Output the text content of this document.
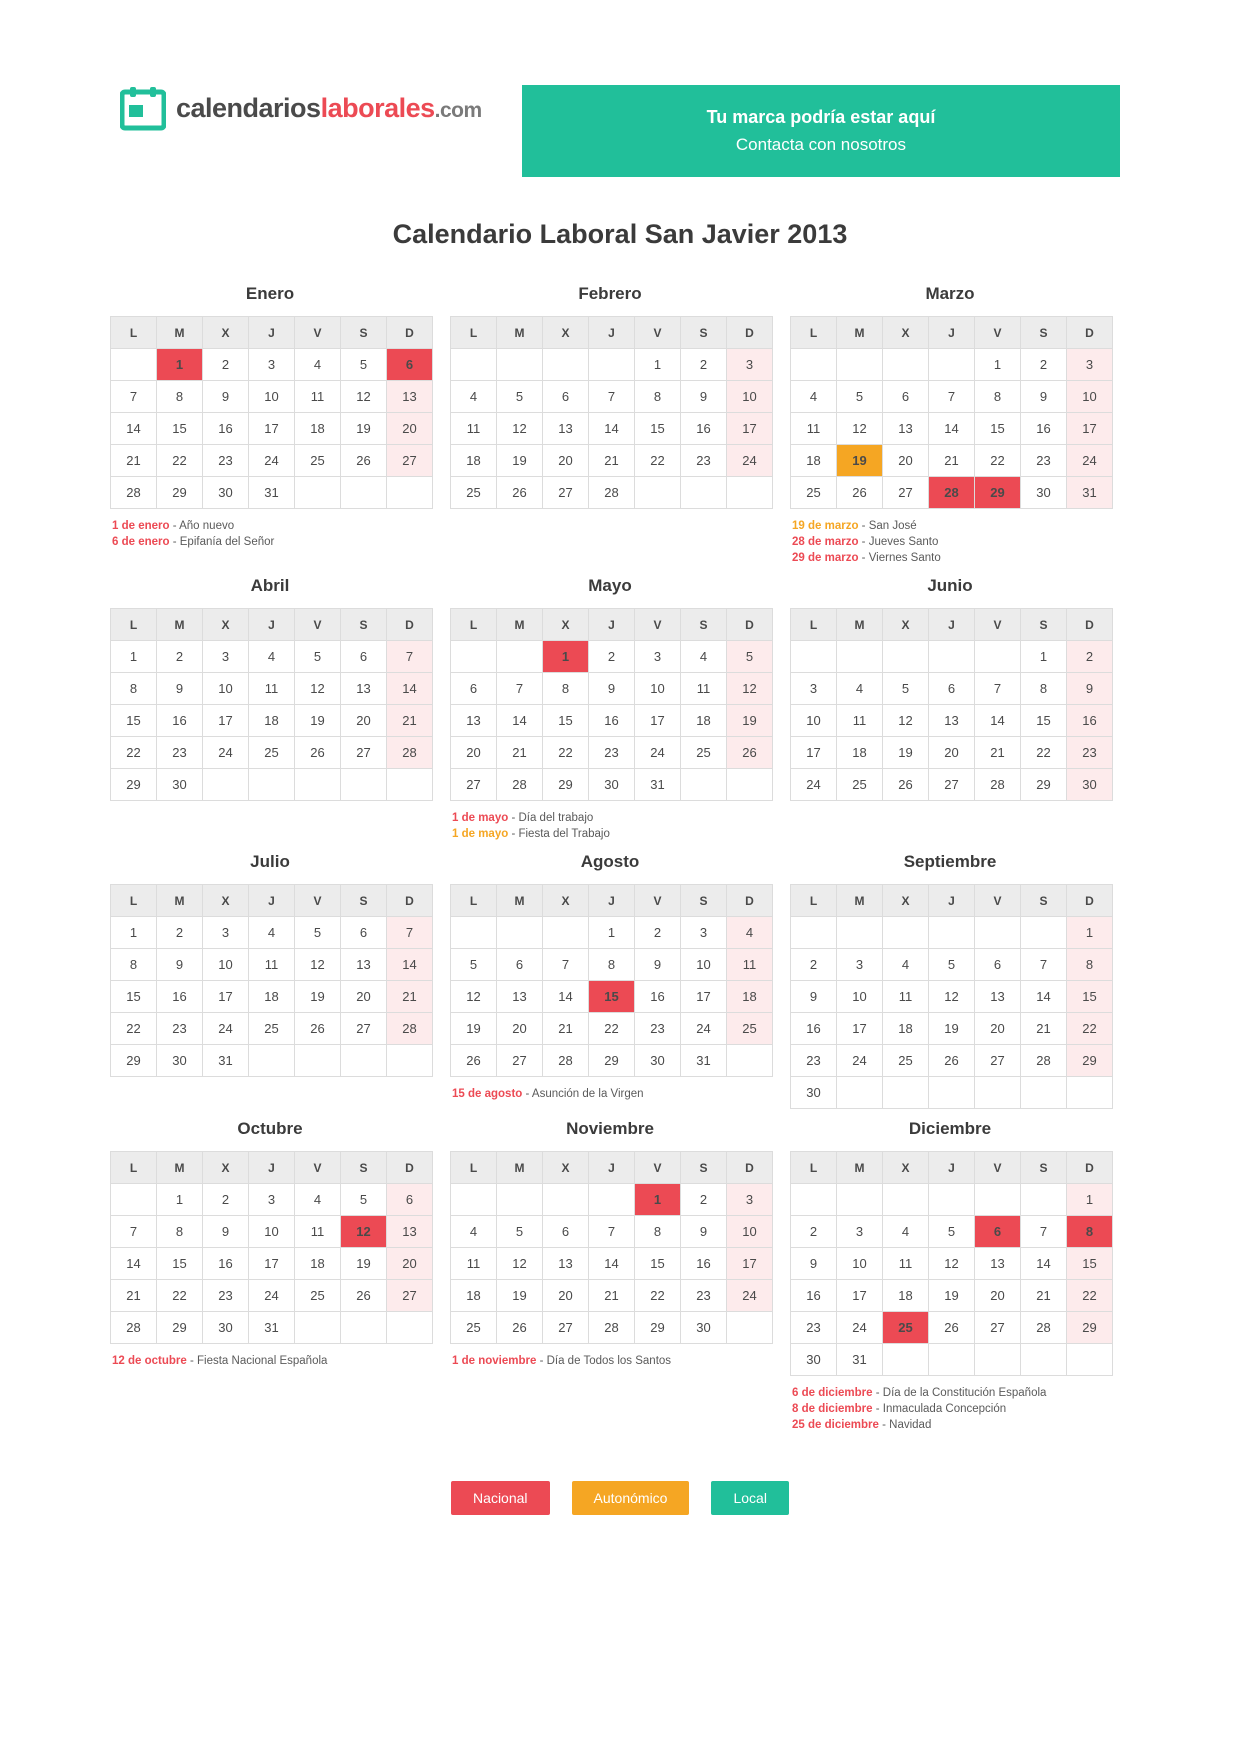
calendarioslaborales.com	Tu marca podría estar aquí
Contacta con nosotros
Calendario Laboral San Javier 2013
Enero
L	M	X	J	V	S	D
	1	2	3	4	5	6
7	8	9	10	11	12	13
14	15	16	17	18	19	20
21	22	23	24	25	26	27
28	29	30	31			
1 de enero - Año nuevo
6 de enero - Epifanía del Señor
Febrero
L	M	X	J	V	S	D
				1	2	3
4	5	6	7	8	9	10
11	12	13	14	15	16	17
18	19	20	21	22	23	24
25	26	27	28			
Marzo
L	M	X	J	V	S	D
				1	2	3
4	5	6	7	8	9	10
11	12	13	14	15	16	17
18	19	20	21	22	23	24
25	26	27	28	29	30	31
19 de marzo - San José
28 de marzo - Jueves Santo
29 de marzo - Viernes Santo
Abril
L	M	X	J	V	S	D
1	2	3	4	5	6	7
8	9	10	11	12	13	14
15	16	17	18	19	20	21
22	23	24	25	26	27	28
29	30					
Mayo
L	M	X	J	V	S	D
		1	2	3	4	5
6	7	8	9	10	11	12
13	14	15	16	17	18	19
20	21	22	23	24	25	26
27	28	29	30	31		
1 de mayo - Día del trabajo
1 de mayo - Fiesta del Trabajo
Junio
L	M	X	J	V	S	D
					1	2
3	4	5	6	7	8	9
10	11	12	13	14	15	16
17	18	19	20	21	22	23
24	25	26	27	28	29	30
Julio
L	M	X	J	V	S	D
1	2	3	4	5	6	7
8	9	10	11	12	13	14
15	16	17	18	19	20	21
22	23	24	25	26	27	28
29	30	31				
Agosto
L	M	X	J	V	S	D
			1	2	3	4
5	6	7	8	9	10	11
12	13	14	15	16	17	18
19	20	21	22	23	24	25
26	27	28	29	30	31	
15 de agosto - Asunción de la Virgen
Septiembre
L	M	X	J	V	S	D
						1
2	3	4	5	6	7	8
9	10	11	12	13	14	15
16	17	18	19	20	21	22
23	24	25	26	27	28	29
30						
Octubre
L	M	X	J	V	S	D
	1	2	3	4	5	6
7	8	9	10	11	12	13
14	15	16	17	18	19	20
21	22	23	24	25	26	27
28	29	30	31			
12 de octubre - Fiesta Nacional Española
Noviembre
L	M	X	J	V	S	D
				1	2	3
4	5	6	7	8	9	10
11	12	13	14	15	16	17
18	19	20	21	22	23	24
25	26	27	28	29	30	
1 de noviembre - Día de Todos los Santos
Diciembre
L	M	X	J	V	S	D
						1
2	3	4	5	6	7	8
9	10	11	12	13	14	15
16	17	18	19	20	21	22
23	24	25	26	27	28	29
30	31					
6 de diciembre - Día de la Constitución Española
8 de diciembre - Inmaculada Concepción
25 de diciembre - Navidad
Nacional	Autonómico	Local
